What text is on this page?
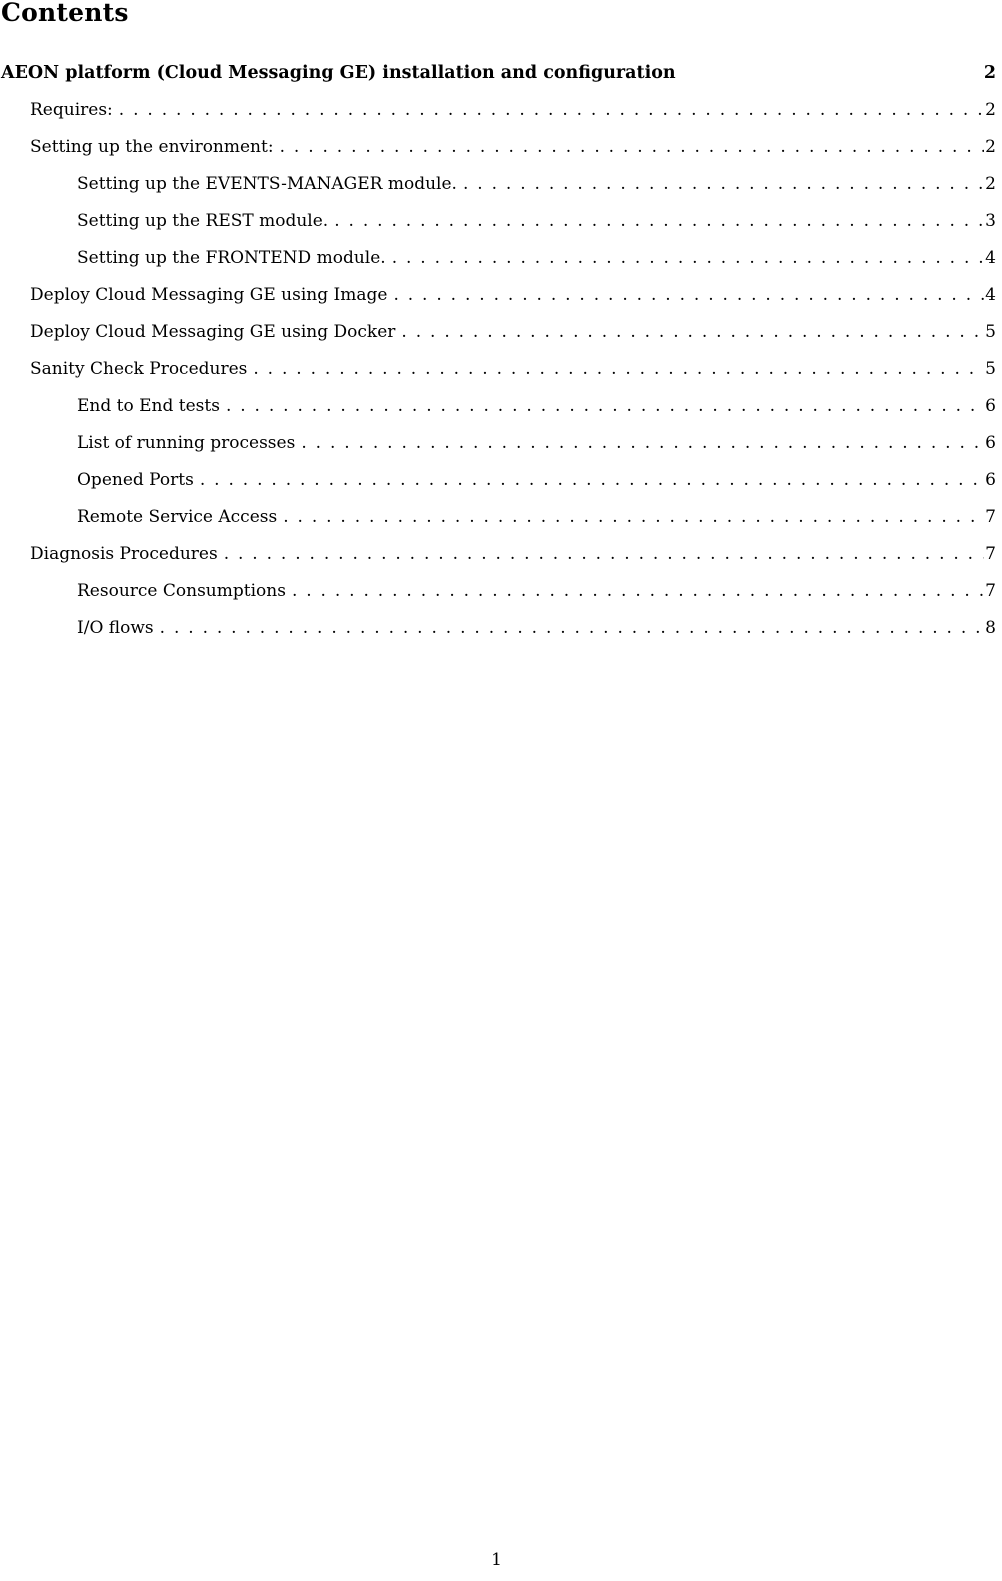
Contents
AEON platform (Cloud Messaging GE) installation and configuration	2
Requires: . . .	2
Setting up the environment: . . .	2
Setting up the EVENTS-MANAGER module. . . .	2
Setting up the REST module. . . .	3
Setting up the FRONTEND module. . . .	4
Deploy Cloud Messaging GE using Image . . .	4
Deploy Cloud Messaging GE using Docker . . .	5
Sanity Check Procedures . . .	5
End to End tests . . .	6
List of running processes . . .	6
Opened Ports . . .	6
Remote Service Access . . .	7
Diagnosis Procedures . . .	7
Resource Consumptions . . .	7
I/O flows . . .	8
1
